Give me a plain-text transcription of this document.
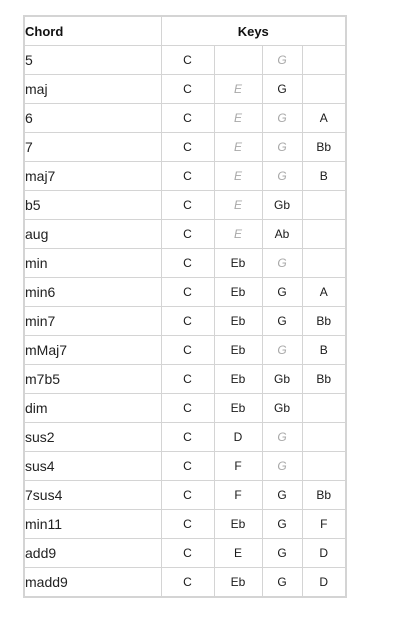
Chord	Keys			
5	C		G	
maj	C	E	G	
6	C	E	G	A
7	C	E	G	Bb
maj7	C	E	G	B
b5	C	E	Gb	
aug	C	E	Ab	
min	C	Eb	G	
min6	C	Eb	G	A
min7	C	Eb	G	Bb
mMaj7	C	Eb	G	B
m7b5	C	Eb	Gb	Bb
dim	C	Eb	Gb	
sus2	C	D	G	
sus4	C	F	G	
7sus4	C	F	G	Bb
min11	C	Eb	G	F
add9	C	E	G	D
madd9	C	Eb	G	D
